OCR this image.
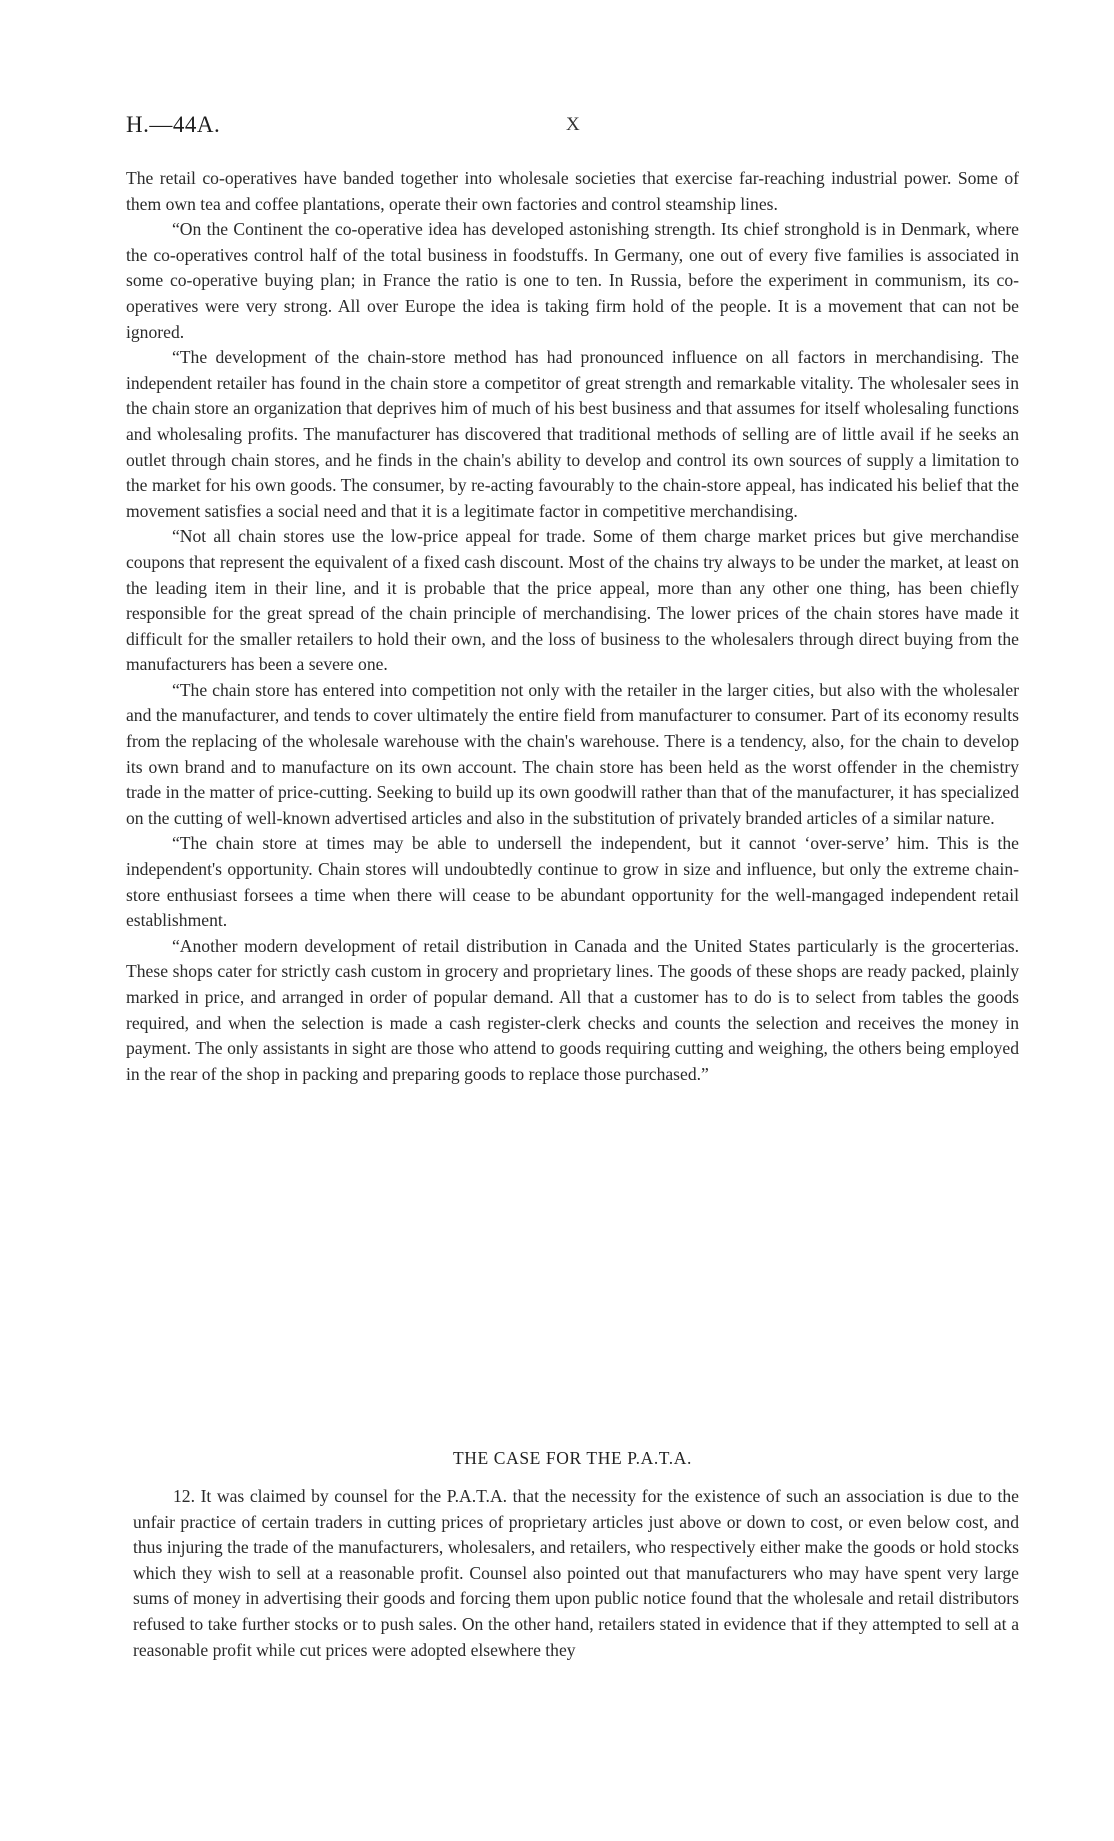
H.—44A.	X

The retail co-operatives have banded together into wholesale societies that exercise far-reaching industrial power. Some of them own tea and coffee plantations, operate their own factories and control steamship lines.

“On the Continent the co-operative idea has developed astonishing strength. Its chief stronghold is in Denmark, where the co-operatives control half of the total business in foodstuffs. In Germany, one out of every five families is associated in some co-operative buying plan; in France the ratio is one to ten. In Russia, before the experiment in communism, its co-operatives were very strong. All over Europe the idea is taking firm hold of the people. It is a movement that can not be ignored.

“The development of the chain-store method has had pronounced influence on all factors in merchandising. The independent retailer has found in the chain store a competitor of great strength and remarkable vitality. The wholesaler sees in the chain store an organization that deprives him of much of his best business and that assumes for itself wholesaling functions and wholesaling profits. The manufacturer has discovered that traditional methods of selling are of little avail if he seeks an outlet through chain stores, and he finds in the chain's ability to develop and control its own sources of supply a limitation to the market for his own goods. The consumer, by re-acting favourably to the chain-store appeal, has indicated his belief that the movement satisfies a social need and that it is a legitimate factor in competitive merchandising.

“Not all chain stores use the low-price appeal for trade. Some of them charge market prices but give merchandise coupons that represent the equivalent of a fixed cash discount. Most of the chains try always to be under the market, at least on the leading item in their line, and it is probable that the price appeal, more than any other one thing, has been chiefly responsible for the great spread of the chain principle of merchandising. The lower prices of the chain stores have made it difficult for the smaller retailers to hold their own, and the loss of business to the wholesalers through direct buying from the manufacturers has been a severe one.

“The chain store has entered into competition not only with the retailer in the larger cities, but also with the wholesaler and the manufacturer, and tends to cover ultimately the entire field from manufacturer to consumer. Part of its economy results from the replacing of the wholesale warehouse with the chain's warehouse. There is a tendency, also, for the chain to develop its own brand and to manufacture on its own account. The chain store has been held as the worst offender in the chemistry trade in the matter of price-cutting. Seeking to build up its own goodwill rather than that of the manufacturer, it has specialized on the cutting of well-known advertised articles and also in the substitution of privately branded articles of a similar nature.

“The chain store at times may be able to undersell the independent, but it cannot ‘over-serve’ him. This is the independent's opportunity. Chain stores will undoubtedly continue to grow in size and influence, but only the extreme chain-store enthusiast forsees a time when there will cease to be abundant opportunity for the well-mangaged independent retail establishment.

“Another modern development of retail distribution in Canada and the United States particularly is the grocerterias. These shops cater for strictly cash custom in grocery and proprietary lines. The goods of these shops are ready packed, plainly marked in price, and arranged in order of popular demand. All that a customer has to do is to select from tables the goods required, and when the selection is made a cash register-clerk checks and counts the selection and receives the money in payment. The only assistants in sight are those who attend to goods requiring cutting and weighing, the others being employed in the rear of the shop in packing and preparing goods to replace those purchased.”

THE CASE FOR THE P.A.T.A.

12. It was claimed by counsel for the P.A.T.A. that the necessity for the existence of such an association is due to the unfair practice of certain traders in cutting prices of proprietary articles just above or down to cost, or even below cost, and thus injuring the trade of the manufacturers, wholesalers, and retailers, who respectively either make the goods or hold stocks which they wish to sell at a reasonable profit. Counsel also pointed out that manufacturers who may have spent very large sums of money in advertising their goods and forcing them upon public notice found that the wholesale and retail distributors refused to take further stocks or to push sales. On the other hand, retailers stated in evidence that if they attempted to sell at a reasonable profit while cut prices were adopted elsewhere they
